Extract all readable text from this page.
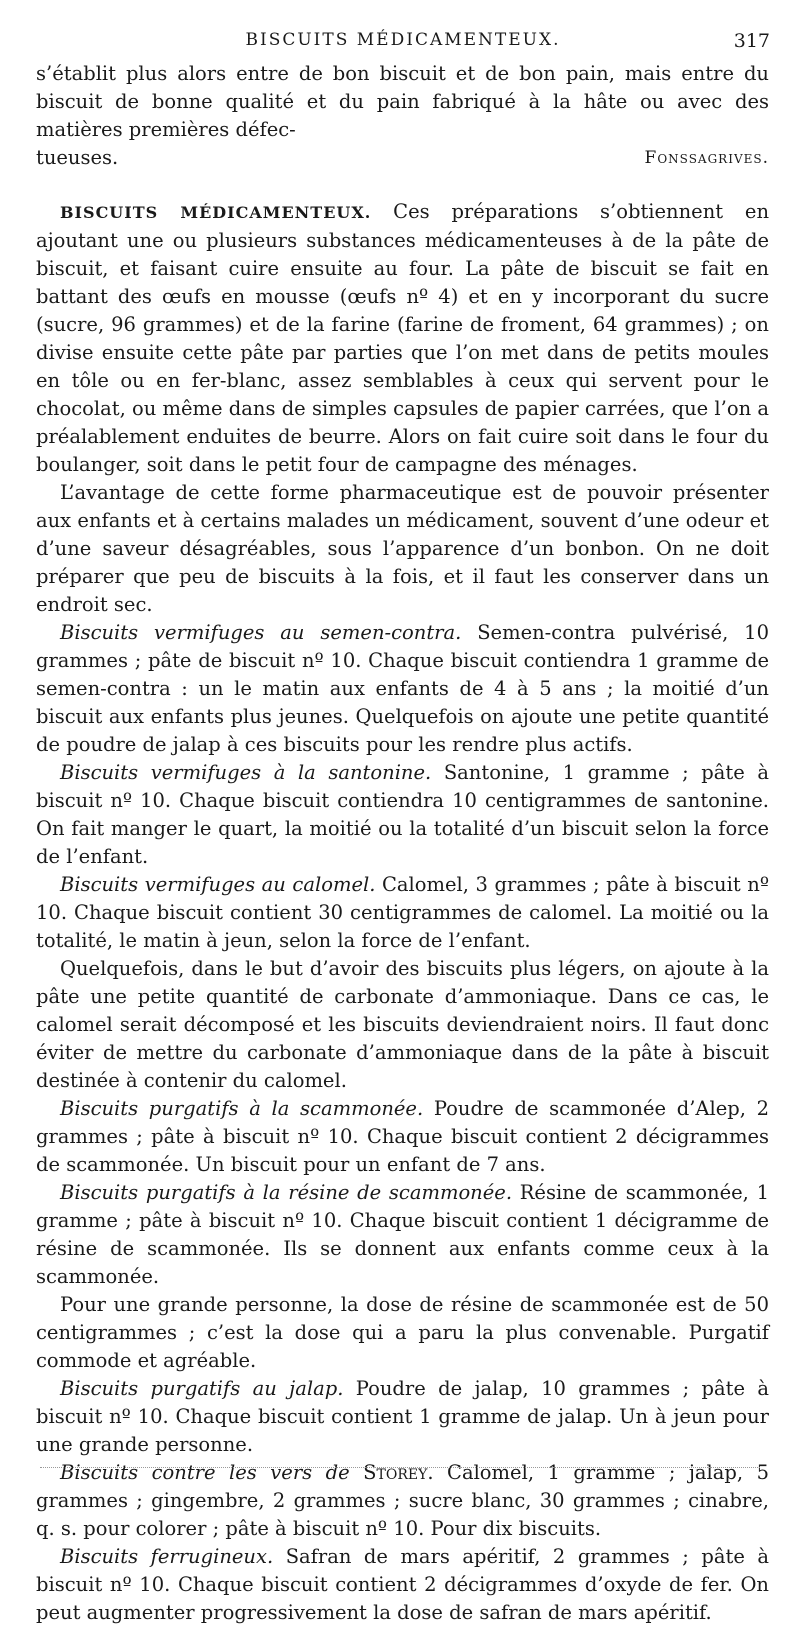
BISCUITS MÉDICAMENTEUX.	317

s’établit plus alors entre de bon biscuit et de bon pain, mais entre du biscuit de bonne qualité et du pain fabriqué à la hâte ou avec des matières premières défec-

tueuses.	Fonssagrives.

BISCUITS MÉDICAMENTEUX. Ces préparations s’obtiennent en ajoutant une ou plusieurs substances médicamenteuses à de la pâte de biscuit, et faisant cuire ensuite au four. La pâte de biscuit se fait en battant des œufs en mousse (œufs nº 4) et en y incorporant du sucre (sucre, 96 grammes) et de la farine (farine de froment, 64 grammes) ; on divise ensuite cette pâte par parties que l’on met dans de petits moules en tôle ou en fer-blanc, assez semblables à ceux qui servent pour le chocolat, ou même dans de simples capsules de papier carrées, que l’on a préalablement enduites de beurre. Alors on fait cuire soit dans le four du boulanger, soit dans le petit four de campagne des ménages.

L’avantage de cette forme pharmaceutique est de pouvoir présenter aux enfants et à certains malades un médicament, souvent d’une odeur et d’une saveur désagréables, sous l’apparence d’un bonbon. On ne doit préparer que peu de biscuits à la fois, et il faut les conserver dans un endroit sec.

Biscuits vermifuges au semen-contra. Semen-contra pulvérisé, 10 grammes ; pâte de biscuit nº 10. Chaque biscuit contiendra 1 gramme de semen-contra : un le matin aux enfants de 4 à 5 ans ; la moitié d’un biscuit aux enfants plus jeunes. Quelquefois on ajoute une petite quantité de poudre de jalap à ces biscuits pour les rendre plus actifs.

Biscuits vermifuges à la santonine. Santonine, 1 gramme ; pâte à biscuit nº 10. Chaque biscuit contiendra 10 centigrammes de santonine. On fait manger le quart, la moitié ou la totalité d’un biscuit selon la force de l’enfant.

Biscuits vermifuges au calomel. Calomel, 3 grammes ; pâte à biscuit nº 10. Chaque biscuit contient 30 centigrammes de calomel. La moitié ou la totalité, le matin à jeun, selon la force de l’enfant.

Quelquefois, dans le but d’avoir des biscuits plus légers, on ajoute à la pâte une petite quantité de carbonate d’ammoniaque. Dans ce cas, le calomel serait décomposé et les biscuits deviendraient noirs. Il faut donc éviter de mettre du carbonate d’ammoniaque dans de la pâte à biscuit destinée à contenir du calomel.

Biscuits purgatifs à la scammonée. Poudre de scammonée d’Alep, 2 grammes ; pâte à biscuit nº 10. Chaque biscuit contient 2 décigrammes de scammonée. Un biscuit pour un enfant de 7 ans.

Biscuits purgatifs à la résine de scammonée. Résine de scammonée, 1 gramme ; pâte à biscuit nº 10. Chaque biscuit contient 1 décigramme de résine de scammonée. Ils se donnent aux enfants comme ceux à la scammonée.

Pour une grande personne, la dose de résine de scammonée est de 50 centigrammes ; c’est la dose qui a paru la plus convenable. Purgatif commode et agréable.

Biscuits purgatifs au jalap. Poudre de jalap, 10 grammes ; pâte à biscuit nº 10. Chaque biscuit contient 1 gramme de jalap. Un à jeun pour une grande personne.

Biscuits contre les vers de Storey. Calomel, 1 gramme ; jalap, 5 grammes ; gingembre, 2 grammes ; sucre blanc, 30 grammes ; cinabre, q. s. pour colorer ; pâte à biscuit nº 10. Pour dix biscuits.

Biscuits ferrugineux. Safran de mars apéritif, 2 grammes ; pâte à biscuit nº 10. Chaque biscuit contient 2 décigrammes d’oxyde de fer. On peut augmenter progressivement la dose de safran de mars apéritif.
